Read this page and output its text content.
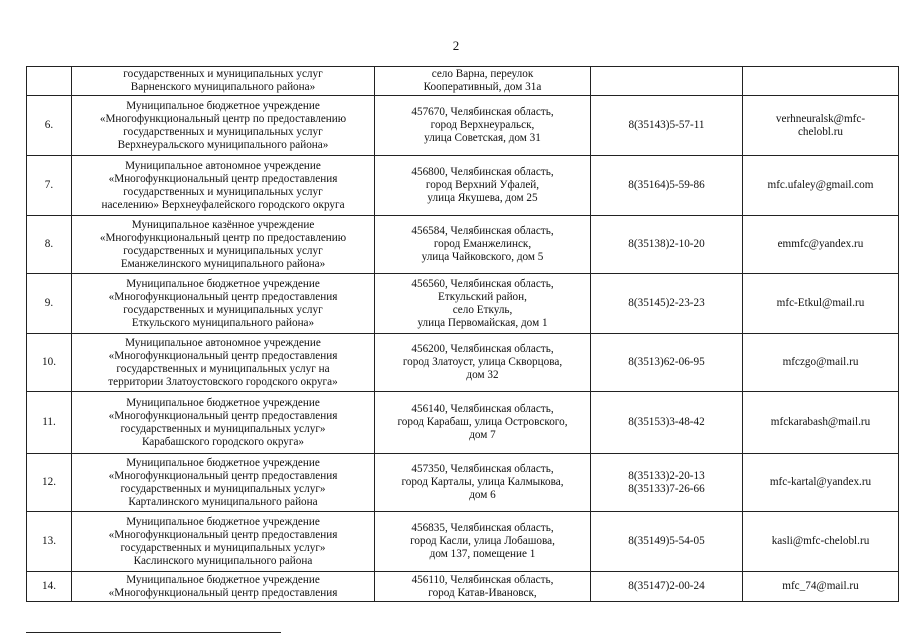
2
	государственных и муниципальных услуг
Варненского муниципального района»	село Варна, переулок
Кооперативный, дом 31а		
6.	Муниципальное бюджетное учреждение
«Многофункциональный центр по предоставлению
государственных и муниципальных услуг
Верхнеуральского муниципального района»	457670, Челябинская область,
город Верхнеуральск,
улица Советская, дом 31	8(35143)5-57-11	verhneuralsk@mfc-
chelobl.ru
7.	Муниципальное автономное учреждение
«Многофункциональный центр предоставления
государственных и муниципальных услуг
населению» Верхнеуфалейского городского округа	456800, Челябинская область,
город Верхний Уфалей,
улица Якушева, дом 25	8(35164)5-59-86	mfc.ufaley@gmail.com
8.	Муниципальное казённое учреждение
«Многофункциональный центр по предоставлению
государственных и муниципальных услуг
Еманжелинского муниципального района»	456584, Челябинская область,
город Еманжелинск,
улица Чайковского, дом 5	8(35138)2-10-20	emmfc@yandex.ru
9.	Муниципальное бюджетное учреждение
«Многофункциональный центр предоставления
государственных и муниципальных услуг
Еткульского муниципального района»	456560, Челябинская область,
Еткульский район,
село Еткуль,
улица Первомайская, дом 1	8(35145)2-23-23	mfc-Etkul@mail.ru
10.	Муниципальное автономное учреждение
«Многофункциональный центр предоставления
государственных и муниципальных услуг на
территории Златоустовского городского округа»	456200, Челябинская область,
город Златоуст, улица Скворцова,
дом 32	8(3513)62-06-95	mfczgo@mail.ru
11.	Муниципальное бюджетное учреждение
«Многофункциональный центр предоставления
государственных и муниципальных услуг»
Карабашского городского округа»	456140, Челябинская область,
город Карабаш, улица Островского,
дом 7	8(35153)3-48-42	mfckarabash@mail.ru
12.	Муниципальное бюджетное учреждение
«Многофункциональный центр предоставления
государственных и муниципальных услуг»
Карталинского муниципального района	457350, Челябинская область,
город Карталы, улица Калмыкова,
дом 6	8(35133)2-20-13
8(35133)7-26-66	mfc-kartal@yandex.ru
13.	Муниципальное бюджетное учреждение
«Многофункциональный центр предоставления
государственных и муниципальных услуг»
Каслинского муниципального района	456835, Челябинская область,
город Касли, улица Лобашова,
дом 137, помещение 1	8(35149)5-54-05	kasli@mfc-chelobl.ru
14.	Муниципальное бюджетное учреждение
«Многофункциональный центр предоставления	456110, Челябинская область,
город Катав-Ивановск,	8(35147)2-00-24	mfc_74@mail.ru
